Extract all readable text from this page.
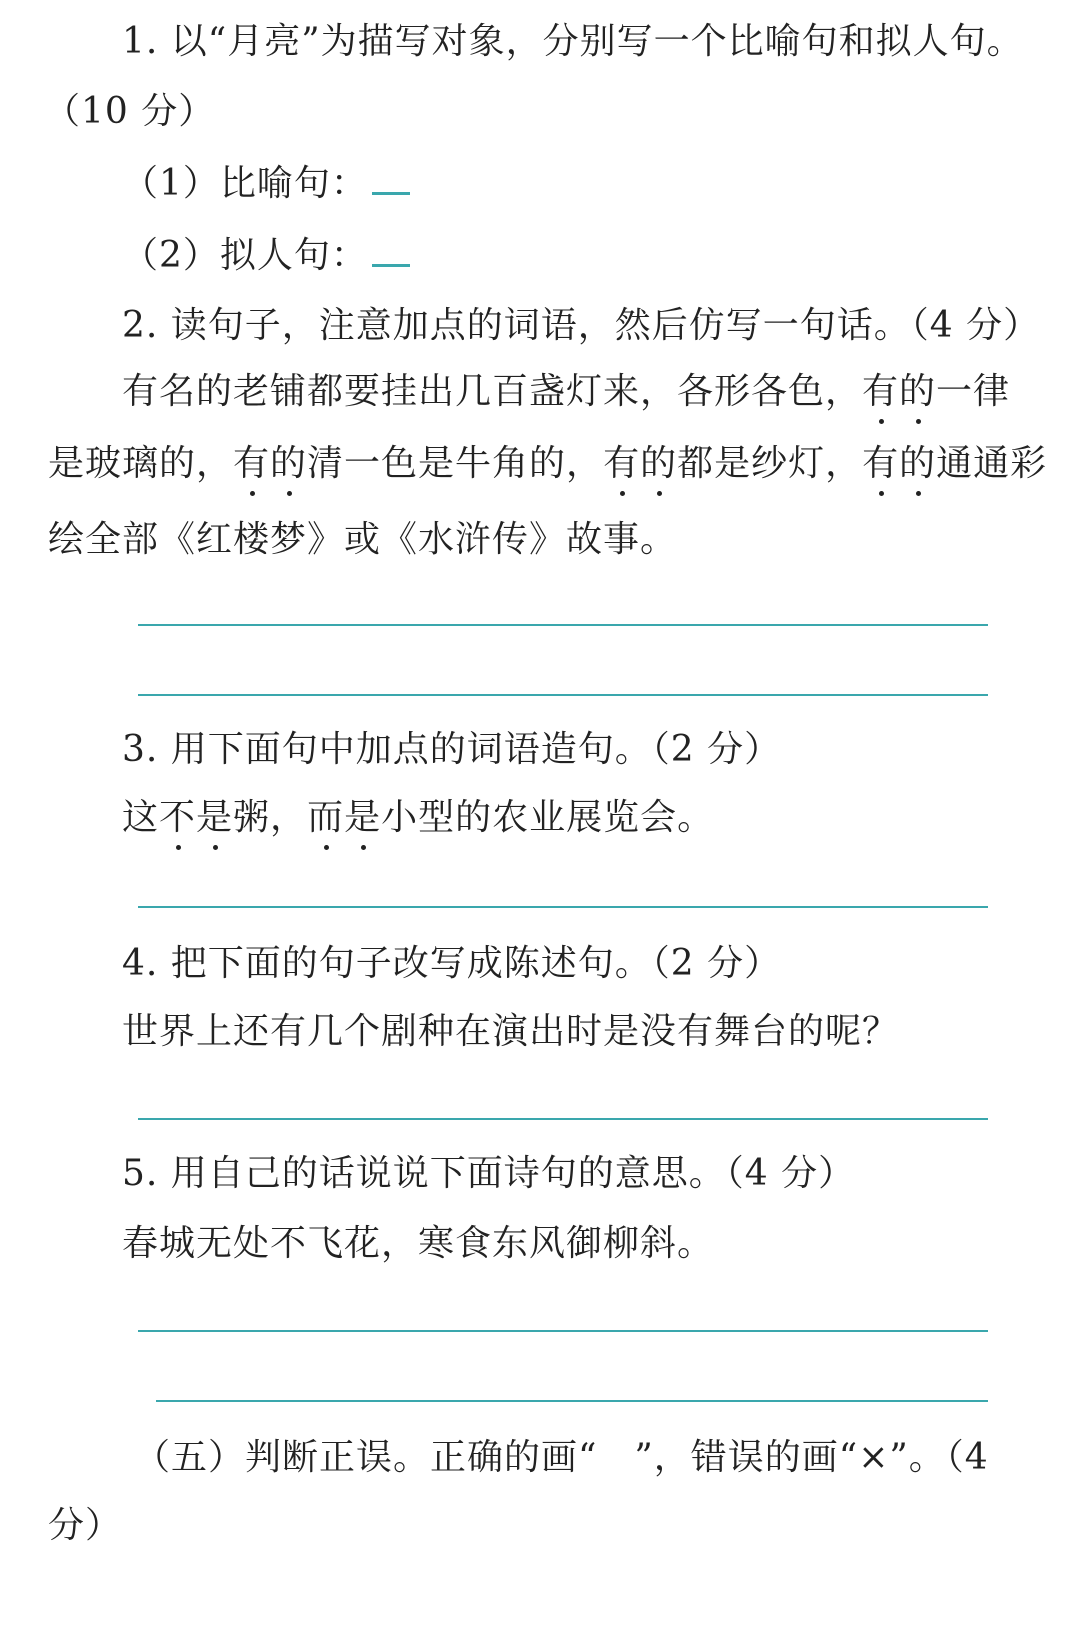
1. 以“月亮”为描写对象，分别写一个比喻句和拟人句。
（10 分）
（1）比喻句：
（2）拟人句：
2. 读句子，注意加点的词语，然后仿写一句话。（4 分）
有名的老铺都要挂出几百盏灯来，各形各色，有的一律
是玻璃的，有的清一色是牛角的，有的都是纱灯，有的通通彩
绘全部《红楼梦》或《水浒传》故事。
3. 用下面句中加点的词语造句。（2 分）
这不是粥，而是小型的农业展览会。
4. 把下面的句子改写成陈述句。（2 分）
世界上还有几个剧种在演出时是没有舞台的呢？
5. 用自己的话说说下面诗句的意思。（4 分）
春城无处不飞花，寒食东风御柳斜。
（五）判断正误。正确的画“　”，错误的画“×”。（4
分）
